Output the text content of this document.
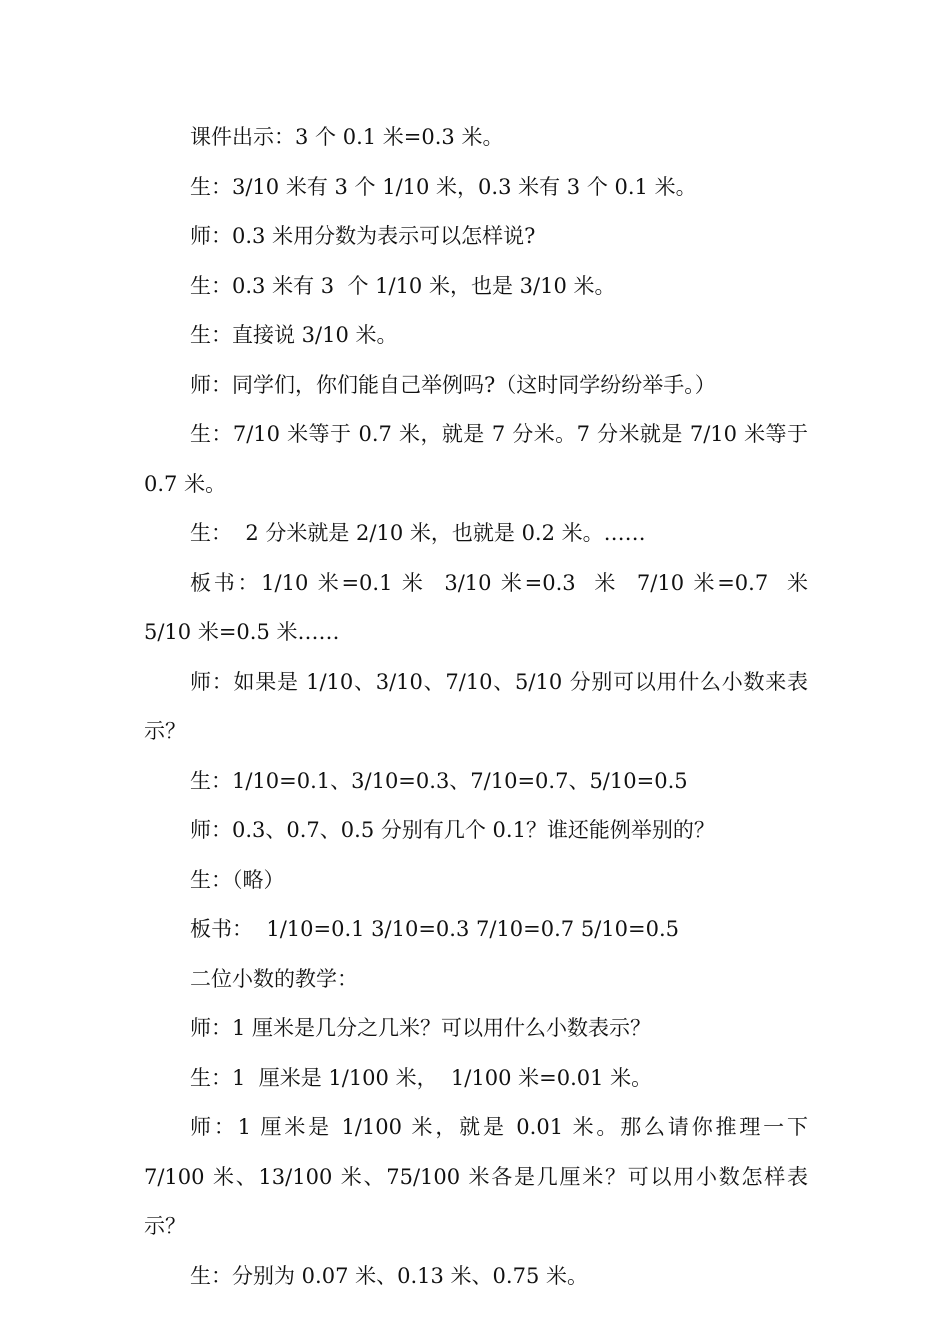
课件出示：3 个 0.1 米=0.3 米。

生：3/10 米有 3 个 1/10 米，0.3 米有 3 个 0.1 米。

师：0.3 米用分数为表示可以怎样说?

生：0.3 米有 3  个 1/10 米，也是 3/10 米。

生：直接说 3/10 米。

师：同学们，你们能自己举例吗?（这时同学纷纷举手。）

生：7/10 米等于 0.7 米，就是 7 分米。7 分米就是 7/10 米等于 0.7 米。

生：  2 分米就是 2/10 米，也就是 0.2 米。……

板书：1/10 米=0.1 米  3/10 米=0.3  米  7/10 米=0.7  米  5/10 米=0.5 米……

师：如果是 1/10、3/10、7/10、5/10 分别可以用什么小数来表示？

生：1/10=0.1、3/10=0.3、7/10=0.7、5/10=0.5

师：0.3、0.7、0.5 分别有几个 0.1？谁还能例举别的？

生：（略）

板书：  1/10=0.1 3/10=0.3 7/10=0.7 5/10=0.5

二位小数的教学：

师：1 厘米是几分之几米？可以用什么小数表示？

生：1  厘米是 1/100 米，  1/100 米=0.01 米。

师：1 厘米是 1/100 米，就是 0.01 米。那么请你推理一下 7/100 米、13/100 米、75/100 米各是几厘米？可以用小数怎样表示？

生：分别为 0.07 米、0.13 米、0.75 米。
